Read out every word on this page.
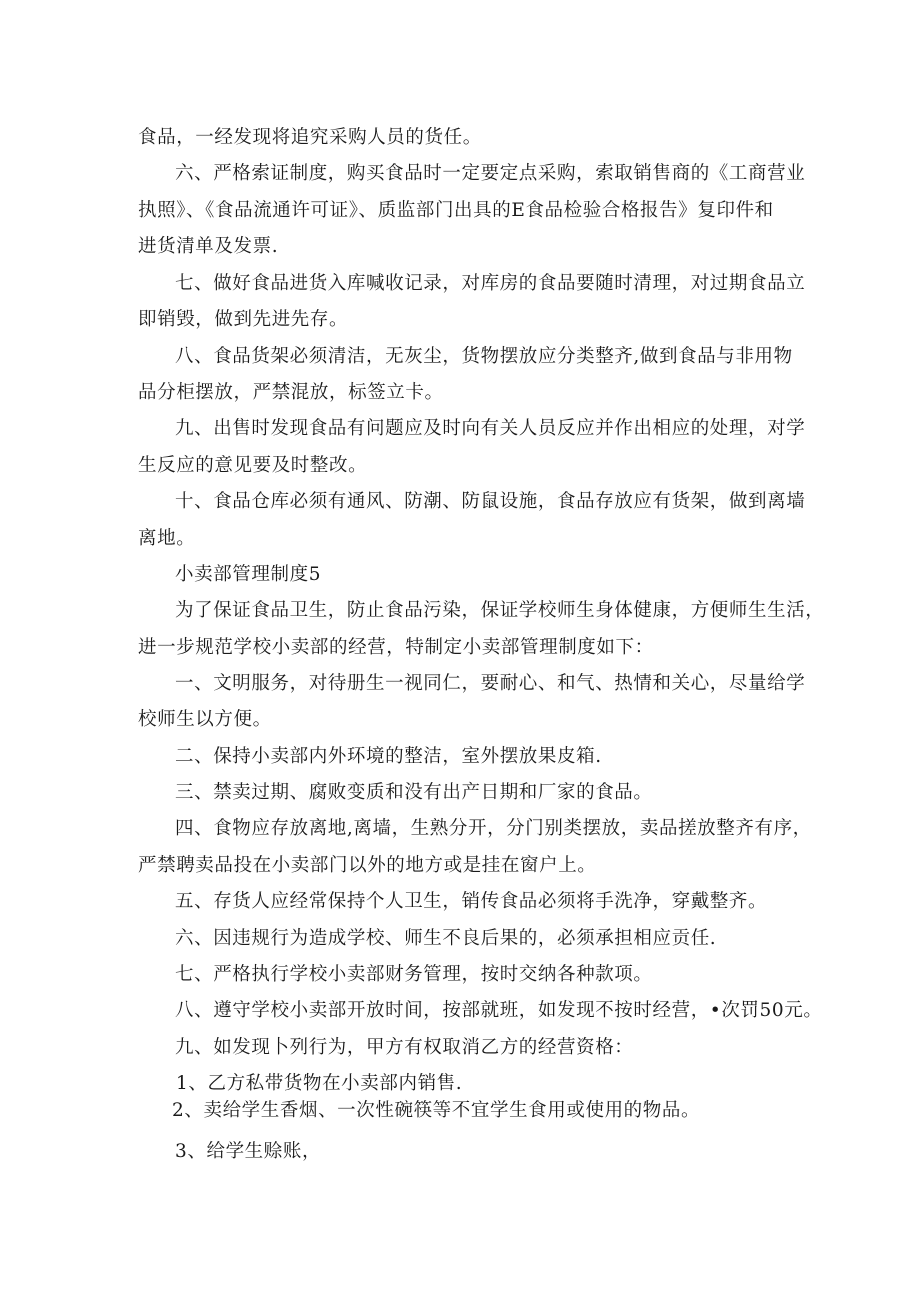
食品，一经发现将追究采购人员的货任。
六、严格索证制度，购买食品时一定要定点采购，索取销售商的《工商营业
执照》、《食品流通许可证》、质监部门出具的E食品检验合格报告》复印件和
进货清单及发票.
七、做好食品进货入库喊收记录，对库房的食品要随时清理，对过期食品立
即销毁，做到先进先存。
八、食品货架必须清洁，无灰尘，货物摆放应分类整齐,做到食品与非用物
品分柜摆放，严禁混放，标签立卡。
九、出售时发现食品有问题应及时向有关人员反应并作出相应的处理，对学
生反应的意见要及时整改。
十、食品仓库必须有通风、防潮、防鼠设施，食品存放应有货架，做到离墙
离地。
小卖部管理制度5
为了保证食品卫生，防止食品污染，保证学校师生身体健康，方便师生生活，
进一步规范学校小卖部的经营，特制定小卖部管理制度如下：
一、文明服务，对待册生一视同仁，要耐心、和气、热情和关心，尽量给学
校师生以方便。
二、保持小卖部内外环境的整洁，室外摆放果皮箱.
三、禁卖过期、腐败变质和没有出产日期和厂家的食品。
四、食物应存放离地,离墙，生熟分开，分门别类摆放，卖品搓放整齐有序，
严禁聘卖品投在小卖部门以外的地方或是挂在窗户上。
五、存货人应经常保持个人卫生，销传食品必须将手洗净，穿戴整齐。
六、因违规行为造成学校、师生不良后果的，必须承担相应贡任.
七、严格执行学校小卖部财务管理，按时交纳各种款项。
八、遵守学校小卖部开放时间，按部就班，如发现不按时经营，•次罚50元。
九、如发现卜列行为，甲方有权取消乙方的经营资格：
1、乙方私带货物在小卖部内销售.
2、卖给学生香烟、一次性碗筷等不宜学生食用或使用的物品。
3、给学生赊账，
